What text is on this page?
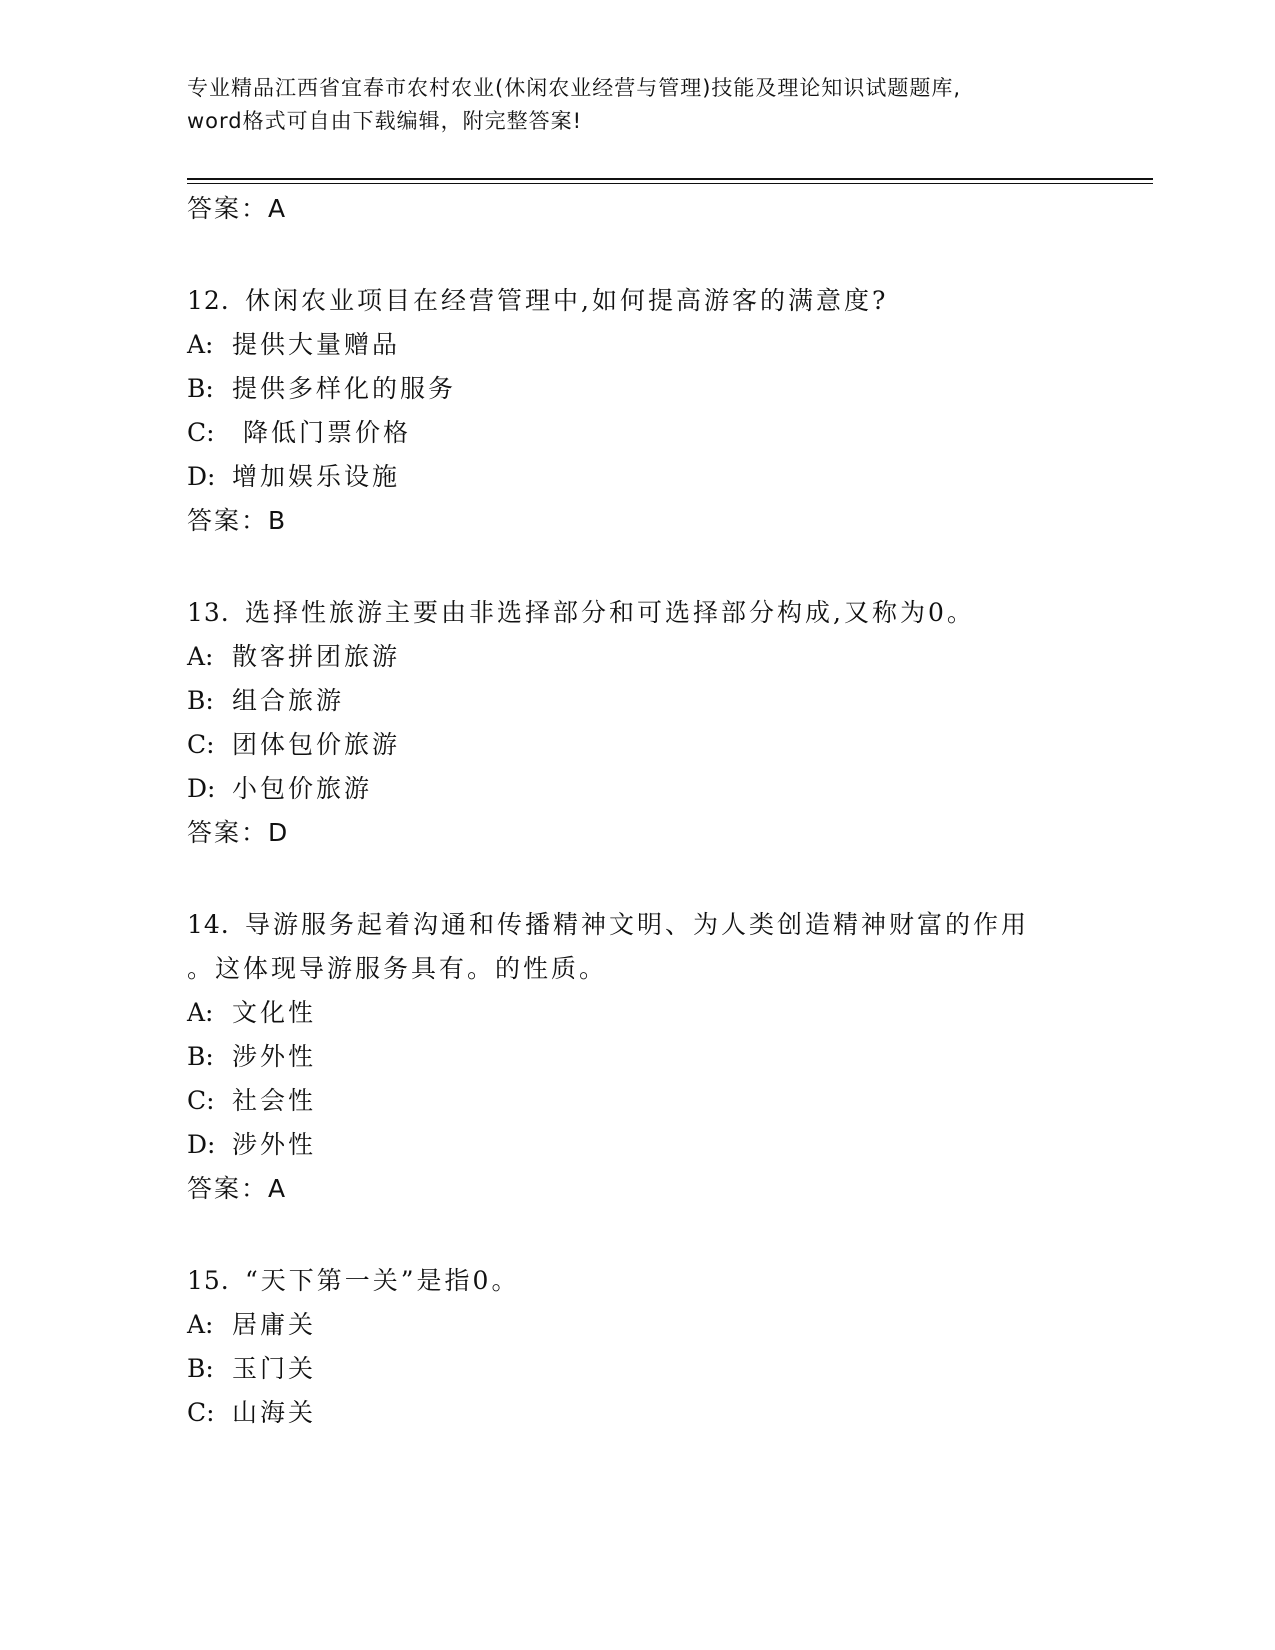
专业精品江西省宜春市农村农业(休闲农业经营与管理)技能及理论知识试题题库,
word格式可自由下载编辑，附完整答案!
答案：A
12. 休闲农业项目在经营管理中,如何提高游客的满意度?
A: 提供大量赠品
B: 提供多样化的服务
C: 降低门票价格
D: 增加娱乐设施
答案：B
13. 选择性旅游主要由非选择部分和可选择部分构成,又称为0。
A: 散客拼团旅游
B: 组合旅游
C: 团体包价旅游
D: 小包价旅游
答案：D
14. 导游服务起着沟通和传播精神文明、为人类创造精神财富的作用
。这体现导游服务具有。的性质。
A: 文化性
B: 涉外性
C: 社会性
D: 涉外性
答案：A
15. “天下第一关”是指0。
A: 居庸关
B: 玉门关
C: 山海关
